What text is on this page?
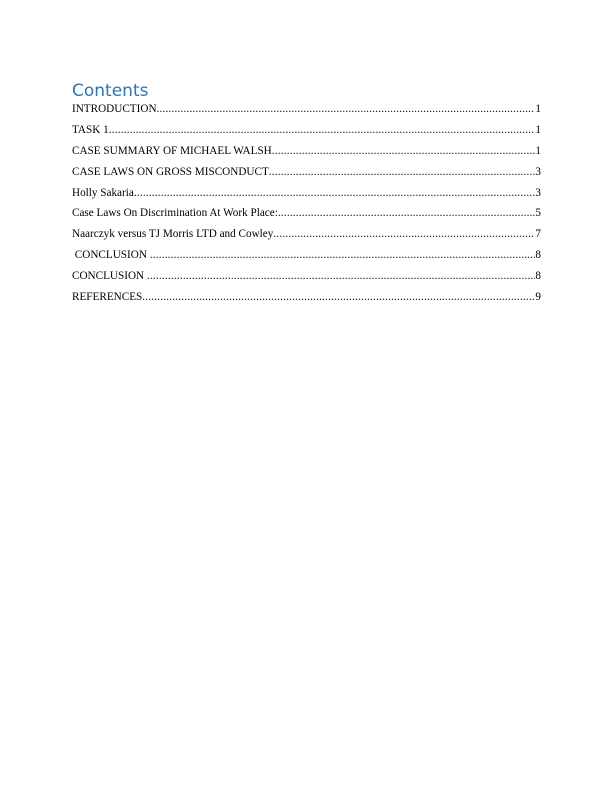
Contents
INTRODUCTION .....	1
TASK 1 .....	1
CASE SUMMARY OF MICHAEL WALSH .....	1
CASE LAWS ON GROSS MISCONDUCT .....	3
Holly Sakaria .....	3
Case Laws On Discrimination At Work Place: .....	5
Naarczyk versus TJ Morris LTD and Cowley .....	7
CONCLUSION .....	8
CONCLUSION .....	8
REFERENCES .....	9
